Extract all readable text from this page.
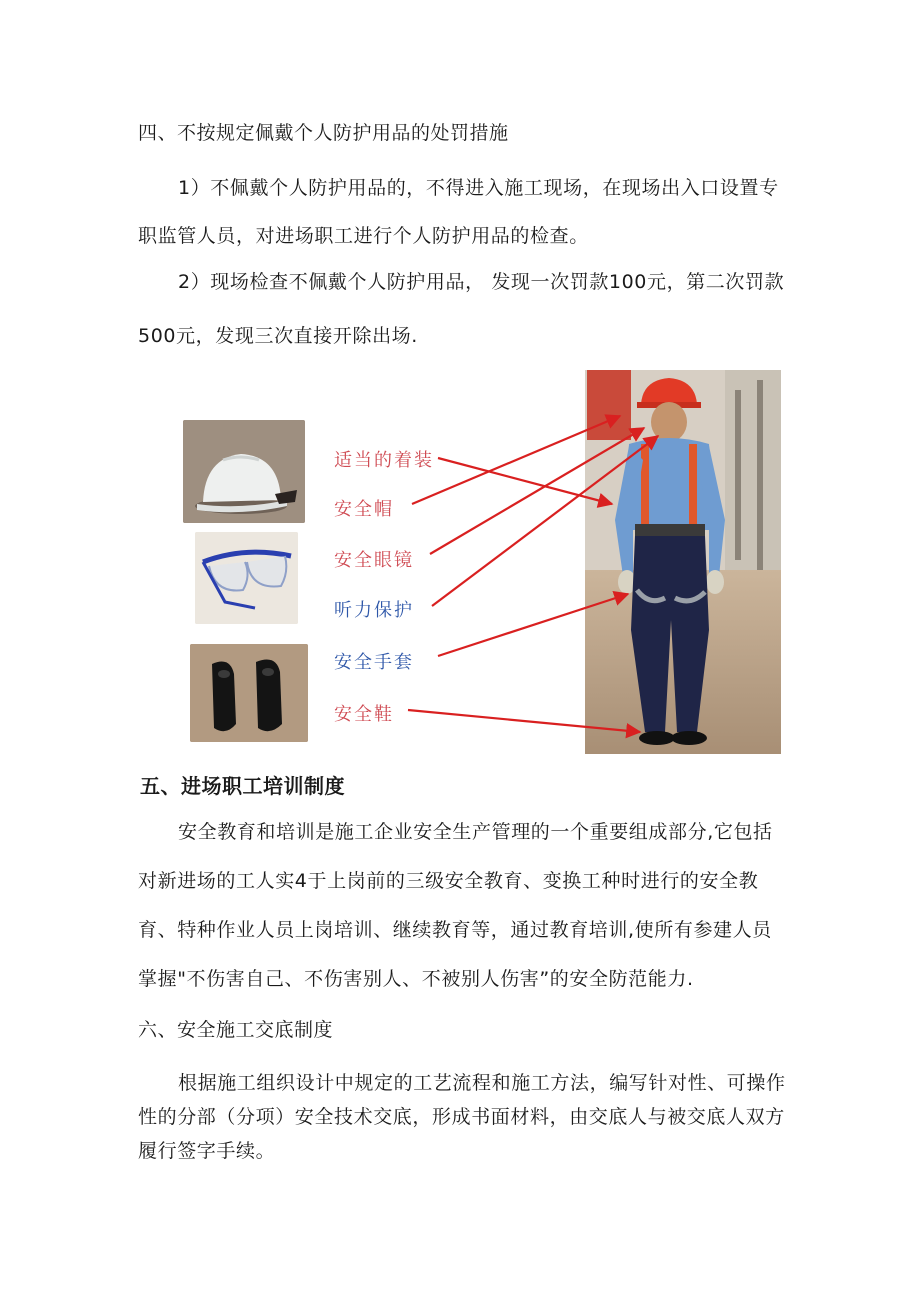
四、不按规定佩戴个人防护用品的处罚措施

1）不佩戴个人防护用品的，不得进入施工现场，在现场出入口设置专职监管人员，对进场职工进行个人防护用品的检查。

2）现场检查不佩戴个人防护用品， 发现一次罚款100元，第二次罚款500元，发现三次直接开除出场.

适当的着装
安全帽
安全眼镜
听力保护
安全手套
安全鞋
五、进场职工培训制度

安全教育和培训是施工企业安全生产管理的一个重要组成部分,它包括对新进场的工人实4于上岗前的三级安全教育、变换工种时进行的安全教育、特种作业人员上岗培训、继续教育等，通过教育培训,使所有参建人员掌握"不伤害自己、不伤害别人、不被别人伤害”的安全防范能力.

六、安全施工交底制度

根据施工组织设计中规定的工艺流程和施工方法，编写针对性、可操作性的分部（分项）安全技术交底，形成书面材料，由交底人与被交底人双方履行签字手续。
